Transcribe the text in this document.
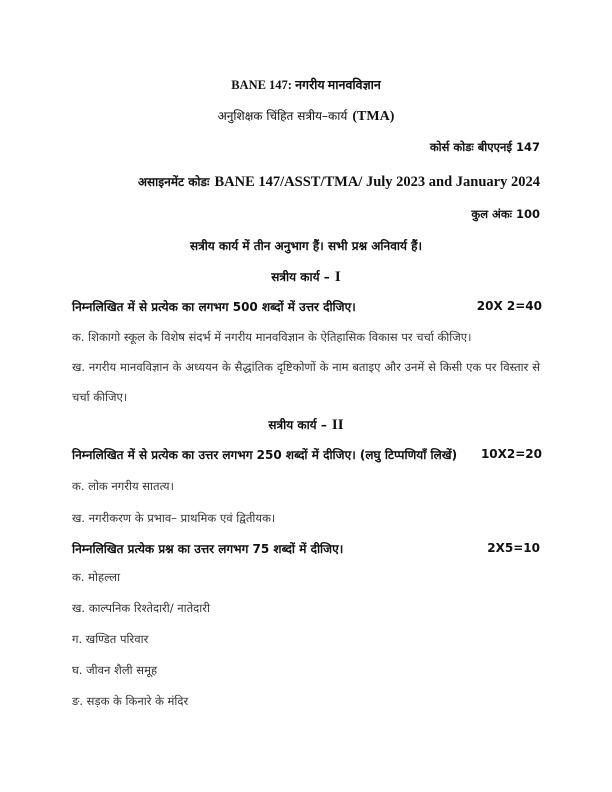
BANE 147: नगरीय मानवविज्ञान
अनुशिक्षक चिंहित सत्रीय–कार्य (TMA)
कोर्स कोडः बीएएनई 147
असाइनमेंट कोडः BANE 147/ASST/TMA/ July 2023 and January 2024
कुल अंकः 100
सत्रीय कार्य में तीन अनुभाग हैं। सभी प्रश्न अनिवार्य हैं।
सत्रीय कार्य – I
निम्नलिखित में से प्रत्येक का लगभग 500 शब्दों में उत्तर दीजिए।	20X 2=40
क. शिकागो स्कूल के विशेष संदर्भ में नगरीय मानवविज्ञान के ऐतिहासिक विकास पर चर्चा कीजिए।
ख. नगरीय मानवविज्ञान के अध्ययन के सैद्धांतिक दृष्टिकोणों के नाम बताइए और उनमें से किसी एक पर विस्तार से चर्चा कीजिए।
सत्रीय कार्य – II
निम्नलिखित में से प्रत्येक का उत्तर लगभग 250 शब्दों में दीजिए। (लघु टिप्पणियाँ लिखें) 10X2=20
क. लोक नगरीय सातत्य।
ख. नगरीकरण के प्रभाव– प्राथमिक एवं द्वितीयक।
निम्नलिखित प्रत्येक प्रश्न का उत्तर लगभग 75 शब्दों में दीजिए।	2X5=10
क. मोहल्ला
ख. काल्पनिक रिश्तेदारी/ नातेदारी
ग. खण्डित परिवार
घ. जीवन शैली समूह
ङ. सड़क के किनारे के मंदिर
